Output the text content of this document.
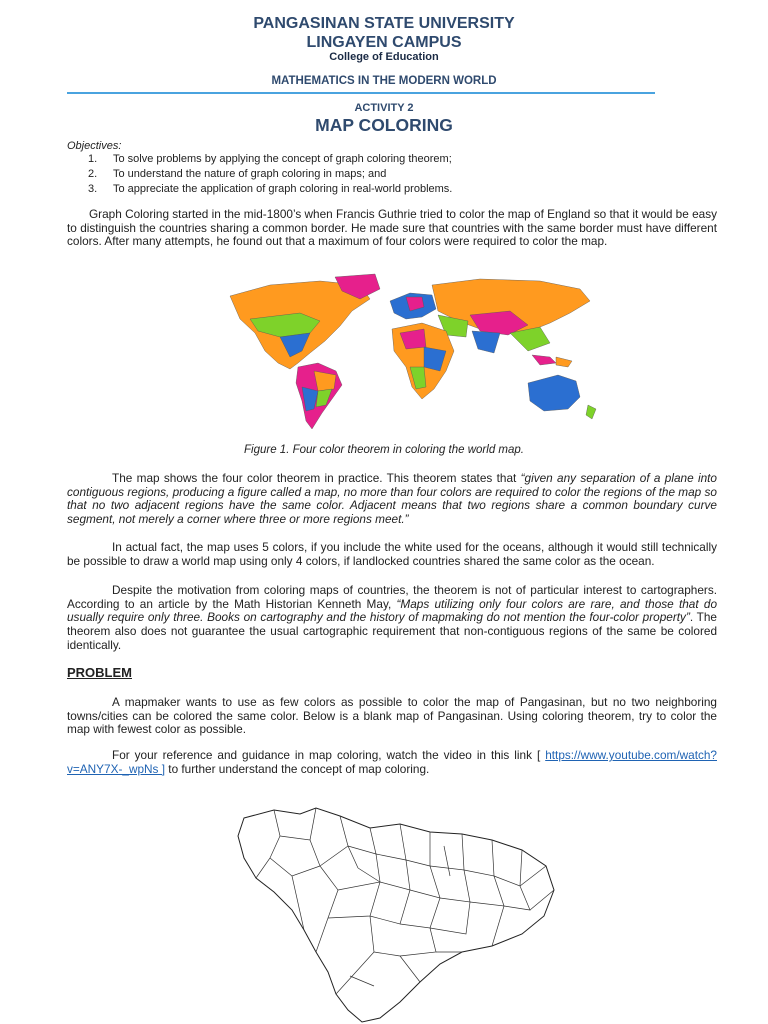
PANGASINAN STATE UNIVERSITY
LINGAYEN CAMPUS
College of Education
MATHEMATICS IN THE MODERN WORLD
ACTIVITY 2
MAP COLORING
Objectives:
1. To solve problems by applying the concept of graph coloring theorem;
2. To understand the nature of graph coloring in maps; and
3. To appreciate the application of graph coloring in real-world problems.

Graph Coloring started in the mid-1800’s when Francis Guthrie tried to color the map of England so that it would be easy to distinguish the countries sharing a common border. He made sure that countries with the same border must have different colors. After many attempts, he found out that a maximum of four colors were required to color the map.

Figure 1. Four color theorem in coloring the world map.

The map shows the four color theorem in practice. This theorem states that “given any separation of a plane into contiguous regions, producing a figure called a map, no more than four colors are required to color the regions of the map so that no two adjacent regions have the same color. Adjacent means that two regions share a common boundary curve segment, not merely a corner where three or more regions meet.”

In actual fact, the map uses 5 colors, if you include the white used for the oceans, although it would still technically be possible to draw a world map using only 4 colors, if landlocked countries shared the same color as the ocean.

Despite the motivation from coloring maps of countries, the theorem is not of particular interest to cartographers. According to an article by the Math Historian Kenneth May, “Maps utilizing only four colors are rare, and those that do usually require only three. Books on cartography and the history of mapmaking do not mention the four-color property”. The theorem also does not guarantee the usual cartographic requirement that non-contiguous regions of the same be colored identically.

PROBLEM

A mapmaker wants to use as few colors as possible to color the map of Pangasinan, but no two neighboring towns/cities can be colored the same color. Below is a blank map of Pangasinan. Using coloring theorem, try to color the map with fewest color as possible.

For your reference and guidance in map coloring, watch the video in this link [ https://www.youtube.com/watch?v=ANY7X-_wpNs ] to further understand the concept of map coloring.
